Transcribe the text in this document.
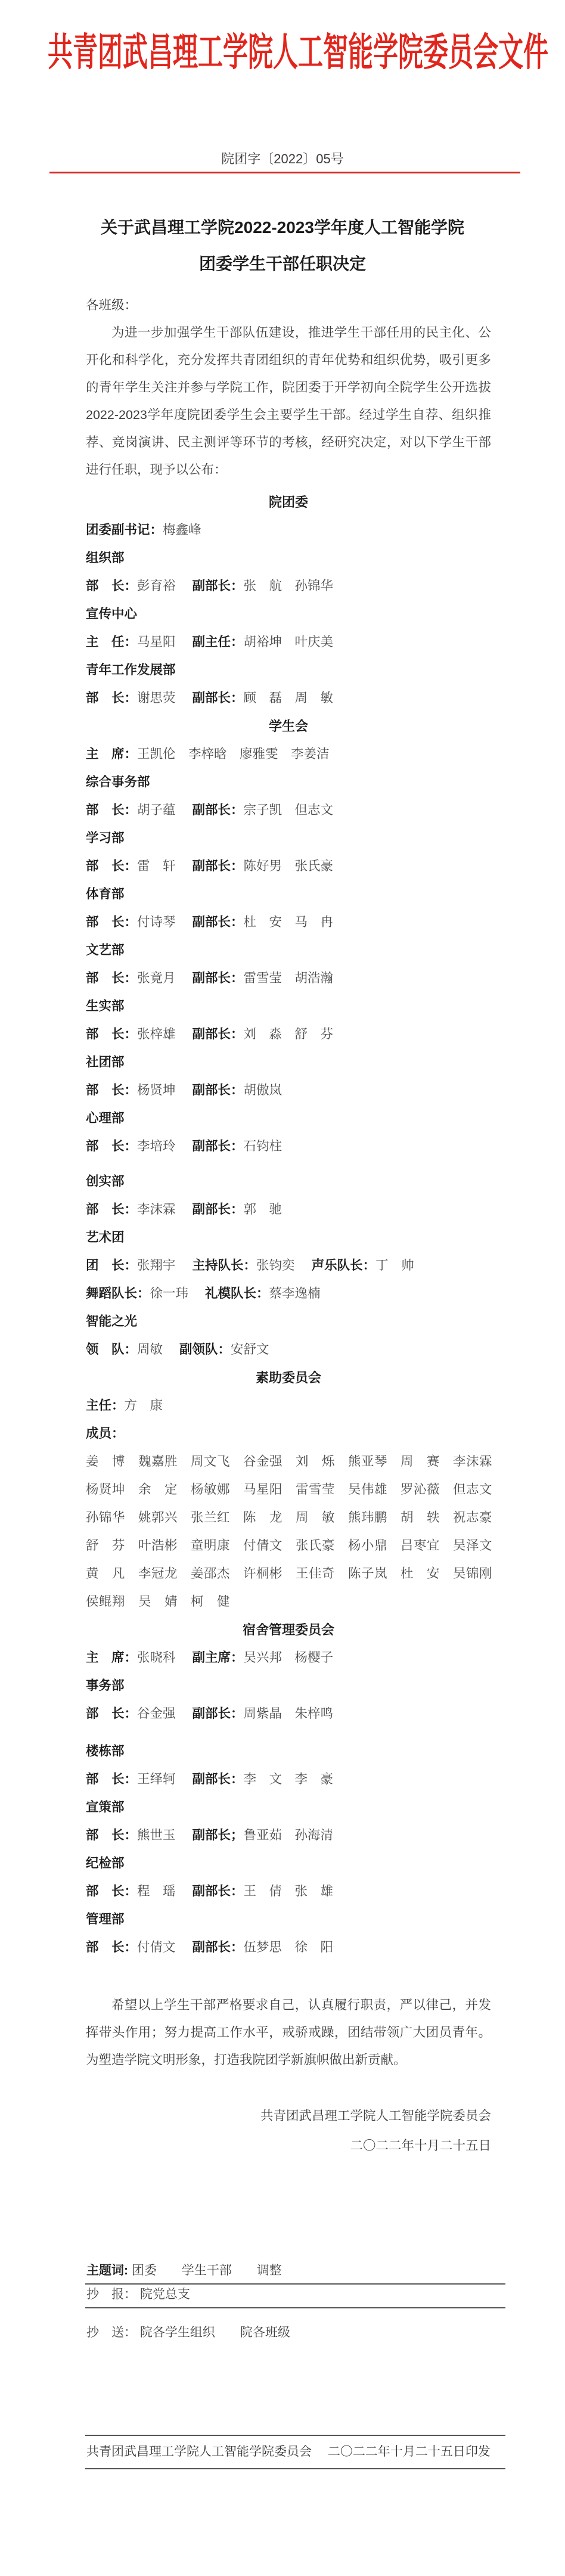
共青团武昌理工学院人工智能学院委员会文件
院团字〔2022〕05号
关于武昌理工学院2022-2023学年度人工智能学院
团委学生干部任职决定
各班级：

为进一步加强学生干部队伍建设，推进学生干部任用的民主化、公开化和科学化，充分发挥共青团组织的青年优势和组织优势，吸引更多的青年学生关注并参与学院工作，院团委于开学初向全院学生公开选拔2022-2023学年度院团委学生会主要学生干部。经过学生自荐、组织推荐、竞岗演讲、民主测评等环节的考核，经研究决定，对以下学生干部进行任职，现予以公布：

院团委
团委副书记：梅鑫峰
组织部
部　长：彭育裕 副部长：张　航　孙锦华
宣传中心
主　任：马星阳 副主任：胡裕坤　叶庆美
青年工作发展部
部　长：谢思荧 副部长：顾　磊　周　敏
学生会
主　席：王凯伦　李梓晗　廖雅雯　李姜洁
综合事务部
部　长：胡子蕴 副部长：宗子凯　但志文
学习部
部　长：雷　轩 副部长：陈好男　张氏豪
体育部
部　长：付诗琴 副部长：杜　安　马　冉
文艺部
部　长：张竟月 副部长：雷雪莹　胡浩瀚
生实部
部　长：张梓雄 副部长：刘　淼　舒　芬
社团部
部　长：杨贤坤 副部长：胡傲岚
心理部
部　长：李培玲 副部长：石钧柱
创实部
部　长：李沫霖 副部长：郭　驰
艺术团
团　长：张翔宇 主持队长：张钧奕 声乐队长：丁　帅
舞蹈队长：徐一玮 礼模队长：蔡李逸楠
智能之光
领　队：周敏 副领队：安舒文
素助委员会
主任：方　康
成员：
姜　博　魏嘉胜　周文飞　谷金强　刘　烁　熊亚琴　周　赛　李沫霖
杨贤坤　余　定　杨敏娜　马星阳　雷雪莹　吴伟雄　罗沁薇　但志文
孙锦华　姚郭兴　张兰红　陈　龙　周　敏　熊玮鹏　胡　轶　祝志豪
舒　芬　叶浩彬　童明康　付倩文　张氏豪　杨小鼎　吕枣宜　吴泽文
黄　凡　李冠龙　姜邵杰　许桐彬　王佳奇　陈子岚　杜　安　吴锦刚
侯鲲翔　吴　婧　柯　健
宿舍管理委员会
主　席：张晓科 副主席：吴兴邦　杨樱子
事务部
部　长：谷金强 副部长：周紫晶　朱梓鸣
楼栋部
部　长：王绎轲 副部长：李　文　李　豪
宣策部
部　长：熊世玉 副部长；鲁亚茹　孙海清
纪检部
部　长：程　瑶 副部长：王　倩　张　雄
管理部
部　长：付倩文 副部长：伍梦思　徐　阳

希望以上学生干部严格要求自己，认真履行职责，严以律己，并发挥带头作用；努力提高工作水平，戒骄戒躁，团结带领广大团员青年。为塑造学院文明形象，打造我院团学新旗帜做出新贡献。

共青团武昌理工学院人工智能学院委员会
二〇二二年十月二十五日
主题词: 团委　　学生干部　　调整
抄　报： 院党总支
抄　送： 院各学生组织　　院各班级
共青团武昌理工学院人工智能学院委员会　 二〇二二年十月二十五日印发
